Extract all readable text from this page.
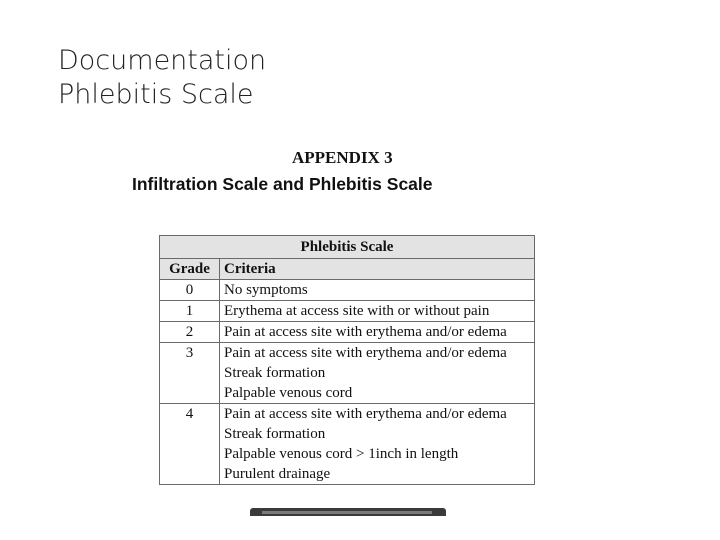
Documentation
Phlebitis Scale
APPENDIX 3
Infiltration Scale and Phlebitis Scale
Phlebitis Scale	
Grade	Criteria
0	No symptoms

1	Erythema at access site with or without pain

2	Pain at access site with erythema and/or edema

3	Pain at access site with erythema and/or edema
Streak formation
Palpable venous cord

4	Pain at access site with erythema and/or edema
Streak formation
Palpable venous cord > 1inch in length
Purulent drainage
